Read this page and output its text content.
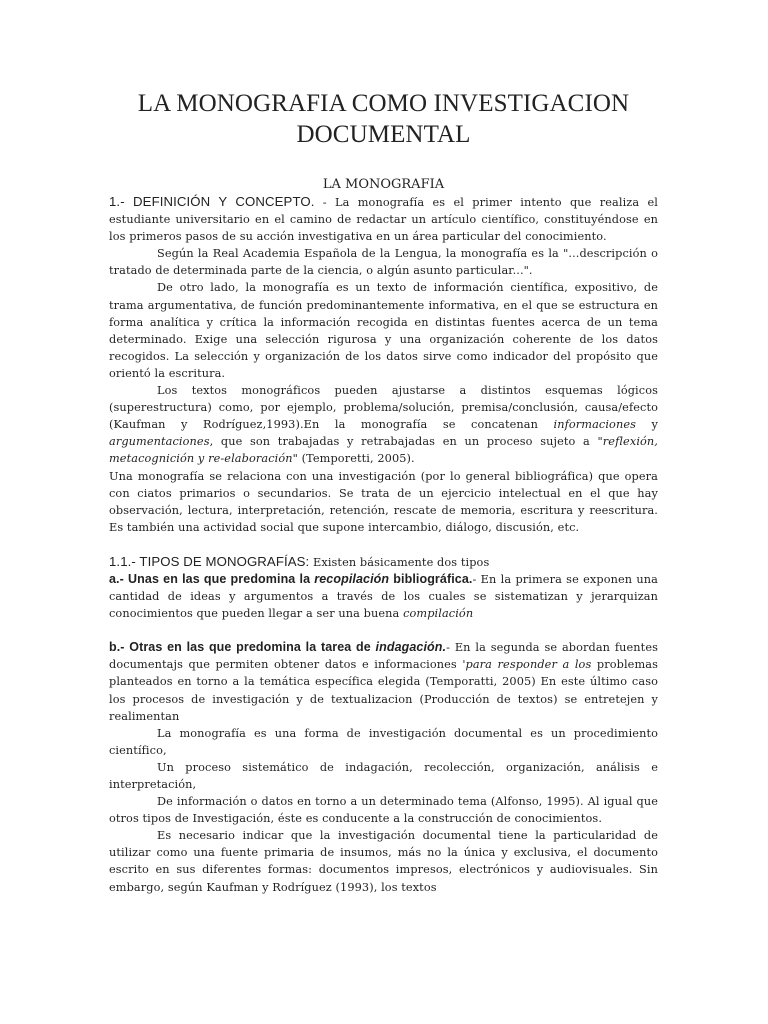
LA MONOGRAFIA COMO INVESTIGACION
DOCUMENTAL
LA MONOGRAFIA

1.- DEFINICIÓN Y CONCEPTO. - La monografía es el primer intento que realiza el estudiante universitario en el camino de redactar un artículo científico, constituyéndose en los primeros pasos de su acción investigativa en un área particular del conocimiento.

Según la Real Academia Española de la Lengua, la monografía es la "...descripción o tratado de determinada parte de la ciencia, o algún asunto particular...".

De otro lado, la monografía es un texto de información científica, expositivo, de trama argumentativa, de función predominantemente informativa, en el que se estructura en forma analítica y crítica la información recogida en distintas fuentes acerca de un tema determinado. Exige una selección rigurosa y una organización coherente de los datos recogidos. La selección y organización de los datos sirve como indicador del propósito que orientó la escritura.

Los textos monográficos pueden ajustarse a distintos esquemas lógicos (superestructura) como, por ejemplo, problema/solución, premisa/conclusión, causa/efecto (Kaufman y Rodríguez,1993).En la monografía se concatenan informaciones y argumentaciones, que son trabajadas y retrabajadas en un proceso sujeto a "reflexión, metacognición y re-elaboración" (Temporetti, 2005).

Una monografía se relaciona con una investigación (por lo general bibliográfica) que opera con ciatos primarios o secundarios. Se trata de un ejercicio intelectual en el que hay observación, lectura, interpretación, retención, rescate de memoria, escritura y reescritura. Es también una actividad social que supone intercambio, diálogo, discusión, etc.

1.1.- TIPOS DE MONOGRAFÍAS: Existen básicamente dos tipos

a.- Unas en las que predomina la recopilación bibliográfica.- En la primera se exponen una cantidad de ideas y argumentos a través de los cuales se sistematizan y jerarquizan conocimientos que pueden llegar a ser una buena compilación

b.- Otras en las que predomina la tarea de indagación.- En la segunda se abordan fuentes documentajs que permiten obtener datos e informaciones 'para responder a los problemas planteados en torno a la temática específica elegida (Temporatti, 2005) En este último caso los procesos de investigación y de textualizacion (Producción de textos) se entretejen y realimentan

La monografía es una forma de investigación documental es un procedimiento científico,

Un proceso sistemático de indagación, recolección, organización, análisis e interpretación,

De información o datos en torno a un determinado tema (Alfonso, 1995). Al igual que otros tipos de Investigación, éste es conducente a la construcción de conocimientos.

Es necesario indicar que la investigación documental tiene la particularidad de utilizar como una fuente primaria de insumos, más no la única y exclusiva, el documento escrito en sus diferentes formas: documentos impresos, electrónicos y audiovisuales. Sin embargo, según Kaufman y Rodríguez (1993), los textos
